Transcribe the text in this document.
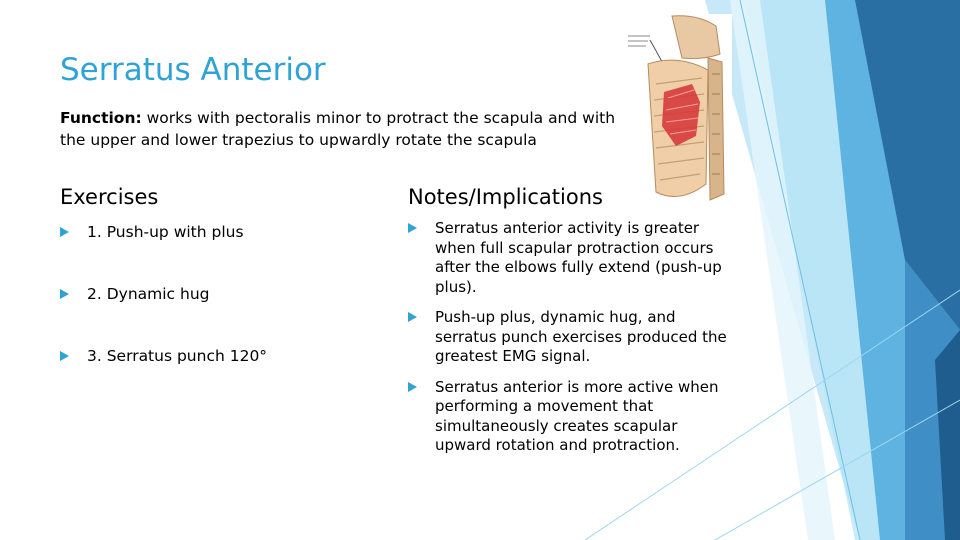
Serratus Anterior

Function: works with pectoralis minor to protract the scapula and with the upper and lower trapezius to upwardly rotate the scapula

Exercises	Notes/Implications
1. Push-up with plus
2. Dynamic hug
3. Serratus punch 120°
Serratus anterior activity is greater when full scapular protraction occurs after the elbows fully extend (push-up plus).
Push-up plus, dynamic hug, and serratus punch exercises produced the greatest EMG signal.
Serratus anterior is more active when performing a movement that simultaneously creates scapular upward rotation and protraction.
